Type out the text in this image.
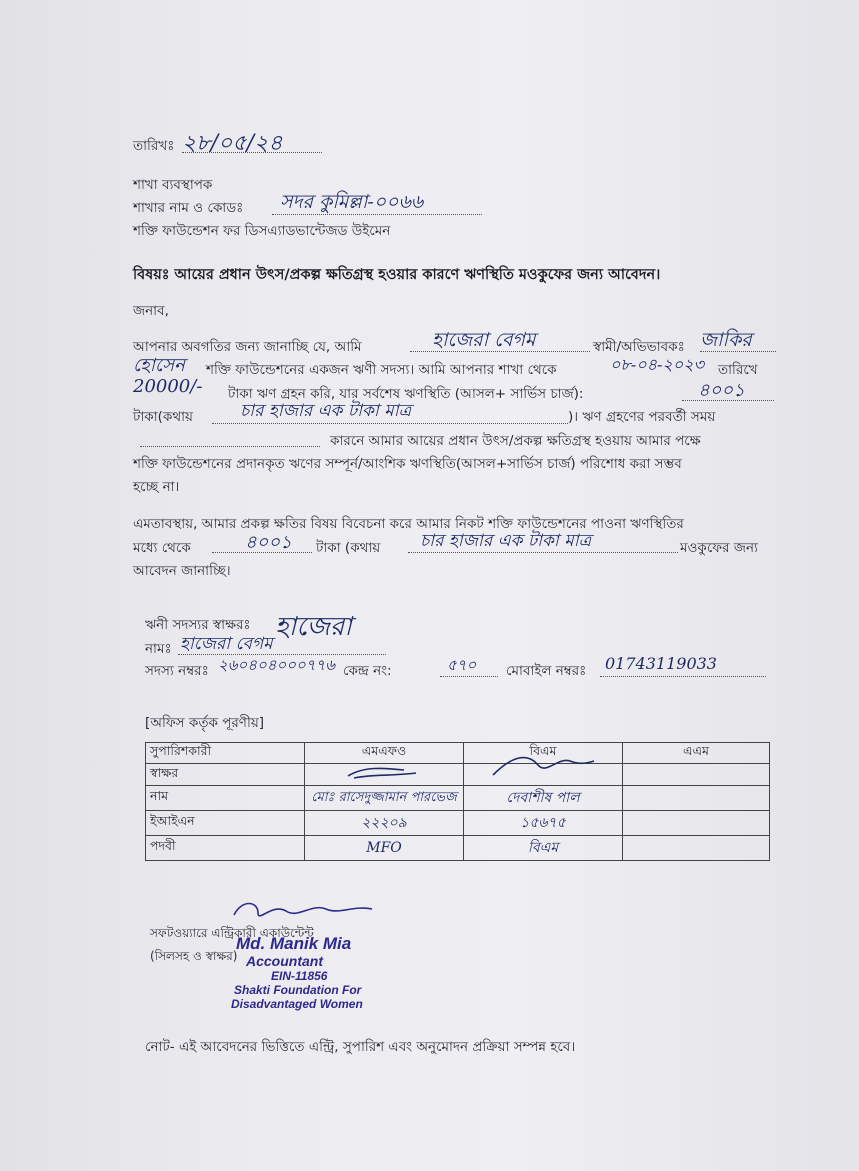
তারিখঃ ২৮/০৫/২৪
শাখা ব্যবস্থাপক
শাখার নাম ও কোডঃ সদর কুমিল্লা-০০৬৬
শক্তি ফাউন্ডেশন ফর ডিসএ্যাডভান্টেজড উইমেন
বিষয়ঃ আয়ের প্রধান উৎস/প্রকল্প ক্ষতিগ্রস্থ হওয়ার কারণে ঋণস্থিতি মওকুফের জন্য আবেদন।
জনাব,
আপনার অবগতির জন্য জানাচ্ছি যে, আমি	হাজেরা বেগম	স্বামী/অভিভাবকঃ জাকির
হোসেন শক্তি ফাউন্ডেশনের একজন ঋণী সদস্য। আমি আপনার শাখা থেকে	০৮-০৪-২০২৩ তারিখে
20000/- টাকা ঋণ গ্রহন করি, যার সর্বশেষ ঋণস্থিতি (আসল+ সার্ভিস চার্জ):	৪০০১
টাকা(কথায়	চার হাজার এক টাকা মাত্র	)। ঋণ গ্রহণের পরবর্তী সময়
কারনে আমার আয়ের প্রধান উৎস/প্রকল্প ক্ষতিগ্রস্থ হওয়ায় আমার পক্ষে
শক্তি ফাউন্ডেশনের প্রদানকৃত ঋণের সম্পূর্ন/আংশিক ঋণস্থিতি(আসল+সার্ভিস চার্জ) পরিশোধ করা সম্ভব
হচ্ছে না।
এমতাবস্থায়, আমার প্রকল্প ক্ষতির বিষয় বিবেচনা করে আমার নিকট শক্তি ফাউন্ডেশনের পাওনা ঋণস্থিতির
মধ্যে থেকে	৪০০১ টাকা (কথায় চার হাজার এক টাকা মাত্র	মওকুফের জন্য
আবেদন জানাচ্ছি।
ঋনী সদস্যর স্বাক্ষরঃ হাজেরা
নামঃ হাজেরা বেগম
সদস্য নম্বরঃ ২৬০৪০৪০০০৭৭৬ কেন্দ্র নং:	৫৭০ মোবাইল নম্বরঃ 01743119033
[অফিস কর্তৃক পূরণীয়]
সুপারিশকারী	এমএফও	বিএম	এএম
স্বাক্ষর			
নাম	মোঃ রাসেদুজ্জামান পারভেজ	দেবাশীষ পাল	
ইআইএন	২২২০৯	১৫৬৭৫	
পদবী	MFO	বিএম	
সফটওয়্যারে এন্ট্রিকারী একাউন্টেন্ট
(সিলসহ ও স্বাক্ষর)
Md. Manik Mia
Accountant
EIN-11856
Shakti Foundation For
Disadvantaged Women
নোট- এই আবেদনের ভিত্তিতে এন্ট্রি, সুপারিশ এবং অনুমোদন প্রক্রিয়া সম্পন্ন হবে।
